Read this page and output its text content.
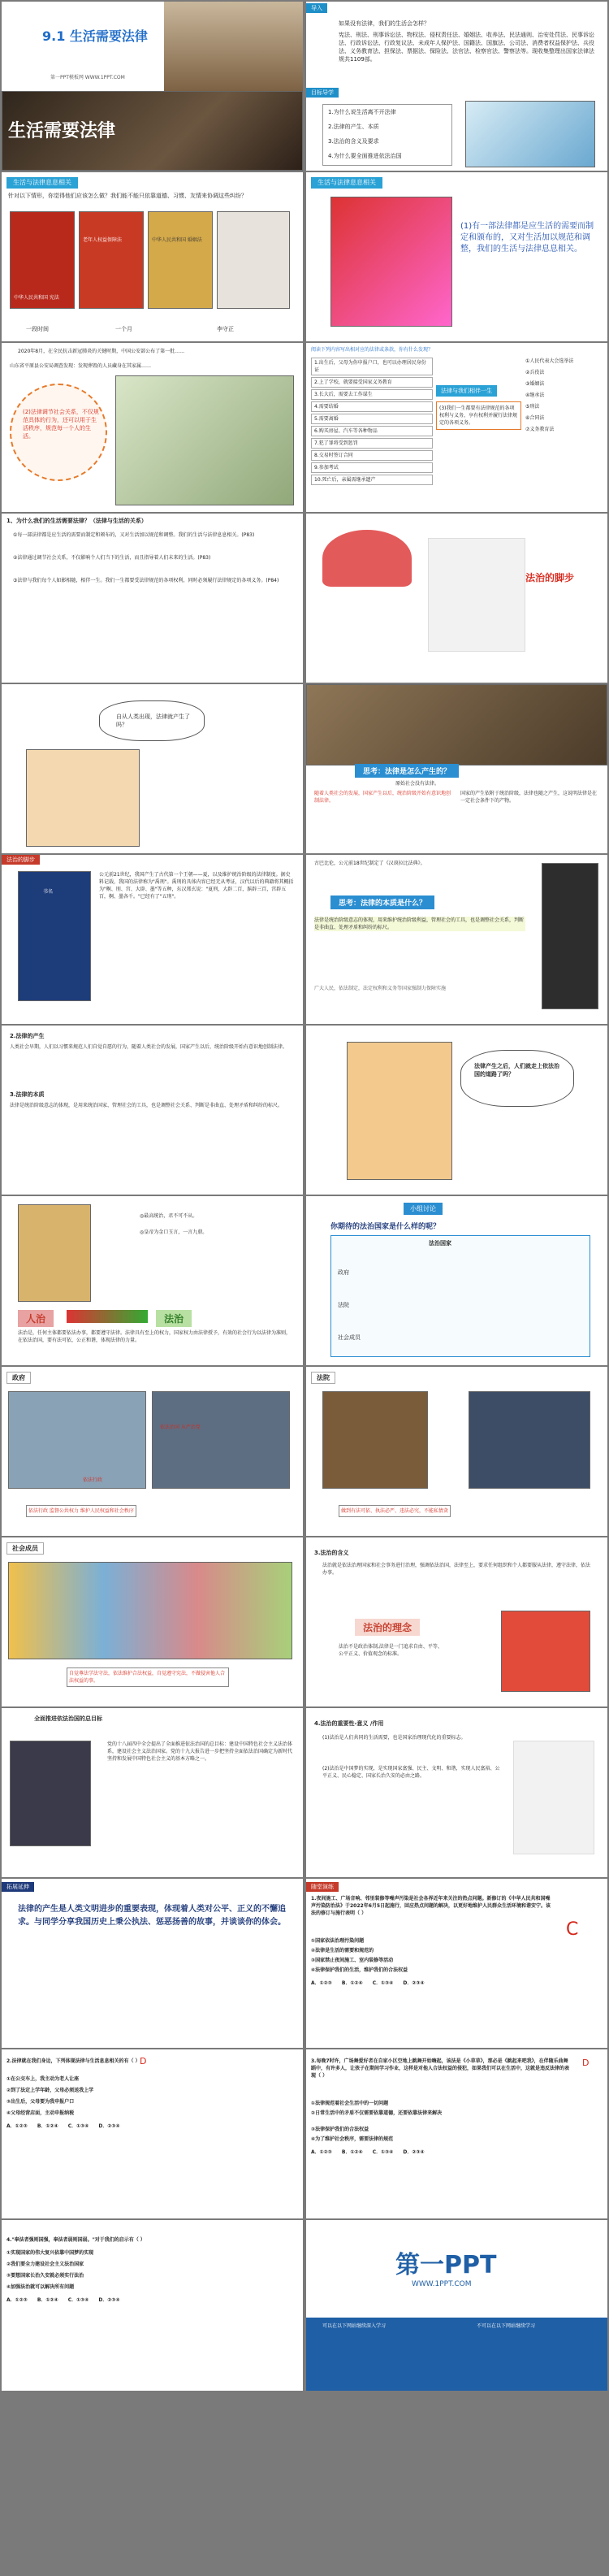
9.1 生活需要法律
第一PPT模板网 WWW.1PPT.COM
生活需要法律
导入
如果没有法律，我们的生活会怎样？
宪法、刑法、刑事诉讼法、物权法、侵权责任法、婚姻法、收养法、民法通则、治安处罚法、民事诉讼法、行政诉讼法、行政复议法、未成年人保护法、国籍法、国旗法、公司法、消费者权益保护法、兵役法、义务教育法、担保法、票据法、保险法、法官法、检察官法、警察法等。现收集整理出国家法律法规共1109部。
目标导学
1.为什么说生活离不开法律
2.法律的产生、本质
3.法治的含义及要求
4.为什么要全面推进依法治国
生活与法律息息相关
针对以下情形，你觉得他们应该怎么做？我们能不能只依靠道德、习惯、友情来协调这些纠纷？
中华人民共和国 宪法
老年人权益保障法	中华人民共和国 婚姻法
一段时间	一个月	李守正
生活与法律息息相关
(1)有一部法律都是应生活的需要而制定和颁布的，又对生活加以规范和调整，我们的生活与法律息息相关。
2020年8月，在全民抗击新冠肺炎的关键时期，中国公安部公布了第一批……
山东省平原县公安局调查发现：发现葬毁的人员藏身在其家属……
(2)法律调节社会关系，不仅规范具体的行为，还可以用于生活秩序，规范每一个人的生活。
阅读下列内容写出相对应的法律或条款，你有什么发现？
1.出生后，父母为你申报户口，也可以办理居民身份证
2.上了学校，就要接受国家义务教育
3.长大后，需要去工作谋生
4.需要结婚
5.需要离婚
6.购买房屋、汽车等各种物品
7.犯了罪将受到惩罚
8.交易时签订合同
9.参加考试
10.死亡后，亲属需继承遗产
①人民代表大会选举法
②兵役法
③婚姻法
④继承法
⑤刑法
⑥合同法
⑦义务教育法
法律与我们相伴一生
(3)我们一生都要有法律规范的各项权利与义务，享有权利并履行法律规定的各项义务。
1、为什么我们的生活需要法律？（法律与生活的关系）
①每一部法律都是应生活的需要而制定和颁布的，又对生活加以规范和调整。我们的生活与法律息息相关。(P83)
②法律通过调节社会关系，不仅影响个人们当下的生活，而且指导着人们未来的生活。(P83)
③法律与我们每个人如影相随，相伴一生。我们一生都要受法律规范的各项权利，同时必须履行法律规定的各项义务。(P84)	法治的脚步
自从人类出现，法律就产生了吗？
思考：法律是怎么产生的？
原始社会没有法律。
随着人类社会的发展，国家产生以后，统治阶级开始有意识地创制法律。
国家的产生依附于统治阶级，法律也随之产生，这说明法律是在一定社会条件下的产物。
法治的脚步
书名
公元前21世纪，我国产生了古代第一个王朝——夏，以及维护统治阶级的法律制度。据史料记载，我国的法律称为"禹刑"。禹刑的具体内容已经无从考证，汉代以后的典籍将其概括为"劓、刖、宫、大辟、墨"等五种，东汉郑玄说："夏刑，大辟二百，膑辟三百，宫辟五百，劓、墨各千。"已经有了"五刑"。
古巴比伦，公元前18世纪制定了《汉谟拉比法典》。
思考：法律的本质是什么？
法律是统治阶级意志的体现，用来维护统治阶级利益，管理社会的工具，也是调整社会关系，判断是非曲直、处理矛盾和纠纷的标尺。
广大人民，依法制定，法定权利和义务等国家强制力保障实施
2.法律的产生
人类社会早期，人们以习惯来规范人们自觉自愿的行为，随着人类社会的发展，国家产生以后，统治阶级开始有意识地创制法律。
3.法律的本质
法律是统治阶级意志的体现，是用来统治国家、管理社会的工具，也是调整社会关系、判断是非曲直、处理矛盾和纠纷的标尺。
法律产生之后，人们就走上依法治国的道路了吗？
◎最高统治，君不可不从。
◎皇帝为金口玉言，一言九鼎。
人治	法治
法治是，任何主体都要依法办事，都要遵守法律。法律具有至上的权力，国家权力由法律授予，有效的社会行为以法律为准则，在依法治国，要有法可依，公正和谐，体现法律的力量。
小组讨论
你期待的法治国家是什么样的呢？
法治国家
政府
法院
社会成员
政府
依法治国 从严治党
依法行政
依法行政 监督公共权力 维护人民权益和社会秩序
法院
做到有法可依、执法必严、违法必究，不能私情贪
社会成员
自觉尊法学法守法，依法维护合法权益，自觉遵守宪法，不做侵害他人合法权益的事。
3.法治的含义
法治就是依法治理国家和社会事务进行治理，强调依法治国，法律至上，要求任何组织和个人都要服从法律，遵守法律，依法办事。
法治的理念
法治不是政治体制,法律是一门追求自由、平等、公平正义、价值观念的标准。
全面推进依法治国的总目标
党的十八届四中全会提出了全面推进依法治国的总目标：建设中国特色社会主义法治体系，建设社会主义法治国家。党的十九大报告进一步把坚持全面依法治国确定为新时代坚持和发展中国特色社会主义的基本方略之一。
4.法治的重要性-意义 /作用
(1)法治是人们共同的生活需要，也是国家治理现代化的重要标志。
(2)法治是中国梦的实现，是实现国家富强、民主、文明、和谐，实现人民富裕、公平正义、民心稳定、国家长治久安的必由之路。
拓展延伸
法律的产生是人类文明进步的重要表现，体现着人类对公平、正义的不懈追求。与同学分享我国历史上秉公执法、惩恶扬善的故事，并谈谈你的体会。
随堂演练
1.夜间施工、广场音响、邻里装修等噪声污染是社会各界近年来关注的热点问题。新修订的《中华人民共和国噪声污染防治法》于2022年6月5日起施行，回应热点问题的解决，以更好地维护人民群众生活环境和谐安宁。该法的修订与施行表明（ ）
①国家依法治理污染问题
②法律是生活的需要和规范的
③国家禁止夜间施工、室内装修等活动
④法律保护我们的生活，维护我们的合法权益
A．①②③　　B．①②④　　C．①③④　　D．②③④
C
2.法律就在我们身边，下列体现法律与生活息息相关的有（ ）
①在公交车上，我主动为老人让座
②到了法定上学年龄，父母必须送我上学
③出生后，父母要为我申报户口
④父母经营店面，主动申报纳税
A．①②③　　B．①②④　　C．①③④　　D．②③④
D	3.每晚7时许，广场舞爱好者在自家小区空地上跳舞开始嗨起，该法是《小草草》，那必是《跳起来吧我》，在伴随乐曲舞蹈中，有许多人，让孩子在期间学习作业，这样是对他人合法权益的侵犯，如果我们可以在生活中，这就是违反法律的表现（ ）
①法律规范着社会生活中的一切问题
②日常生活中的矛盾不仅需要依靠道德，还要依靠法律来解决
③法律保护我们的合法权益
④为了维护社会秩序，需要法律的规范
A．①②③　　B．①②④　　C．①③④　　D．②③④
D
4."奉法者强则国强，奉法者弱则国弱。"对于我们的启示有（ ）
①实现国家的伟大复兴依靠中国梦的实现
②我们要全力建设社会主义法治国家
③要想国家长治久安就必须实行法治
④加强法治就可以解决所有问题
A．①②③　　B．①②④　　C．①③④　　D．②③④
第一PPT
WWW.1PPT.COM
可以在以下网站继续深入学习	不可以在以下网站继续学习
